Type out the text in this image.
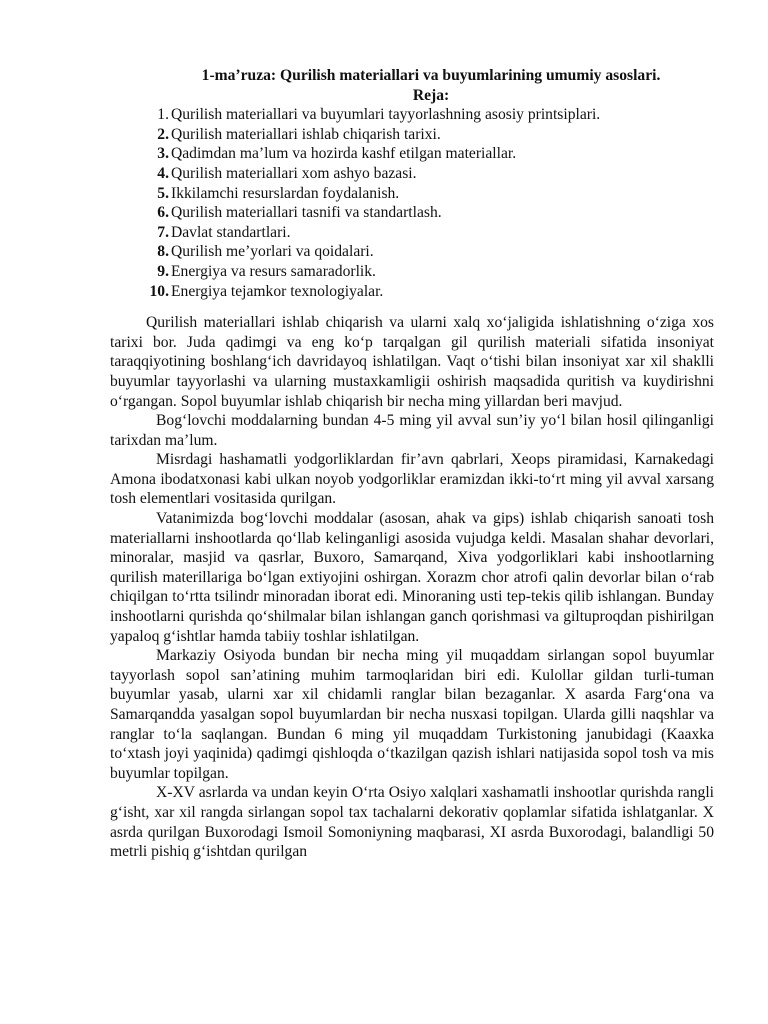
1-ma’ruza: Qurilish materiallari va buyumlarining umumiy asoslari.

Reja:

1. Qurilish materiallari va buyumlari tayyorlashning asosiy printsiplari.
2. Qurilish materiallari ishlab chiqarish tarixi.
3. Qadimdan ma’lum va hozirda kashf etilgan materiallar.
4. Qurilish materiallari xom ashyo bazasi.
5. Ikkilamchi resurslardan foydalanish.
6. Qurilish materiallari tasnifi va standartlash.
7. Davlat standartlari.
8. Qurilish me’yorlari va qoidalari.
9. Energiya va resurs samaradorlik.
10. Energiya tejamkor texnologiyalar.

Qurilish materiallari ishlab chiqarish va ularni xalq xo‘jaligida ishlatishning o‘ziga xos tarixi bor. Juda qadimgi va eng ko‘p tarqalgan gil qurilish materiali sifatida insoniyat taraqqiyotining boshlang‘ich davridayoq ishlatilgan. Vaqt o‘tishi bilan insoniyat xar xil shaklli buyumlar tayyorlashi va ularning mustaxkamligii oshirish maqsadida quritish va kuydirishni o‘rgangan. Sopol buyumlar ishlab chiqarish bir necha ming yillardan beri mavjud.

Bog‘lovchi moddalarning bundan 4-5 ming yil avval sun’iy yo‘l bilan hosil qilinganligi tarixdan ma’lum.

Misrdagi hashamatli yodgorliklardan fir’avn qabrlari, Xeops piramidasi, Karnakedagi Amona ibodatxonasi kabi ulkan noyob yodgorliklar eramizdan ikki-to‘rt ming yil avval xarsang tosh elementlari vositasida qurilgan.

Vatanimizda bog‘lovchi moddalar (asosan, ahak va gips) ishlab chiqarish sanoati tosh materiallarni inshootlarda qo‘llab kelinganligi asosida vujudga keldi. Masalan shahar devorlari, minoralar, masjid va qasrlar, Buxoro, Samarqand, Xiva yodgorliklari kabi inshootlarning qurilish materillariga bo‘lgan extiyojini oshirgan. Xorazm chor atrofi qalin devorlar bilan o‘rab chiqilgan to‘rtta tsilindr minoradan iborat edi. Minoraning usti tep-tekis qilib ishlangan. Bunday inshootlarni qurishda qo‘shilmalar bilan ishlangan ganch qorishmasi va giltuproqdan pishirilgan yapaloq g‘ishtlar hamda tabiiy toshlar ishlatilgan.

Markaziy Osiyoda bundan bir necha ming yil muqaddam sirlangan sopol buyumlar tayyorlash sopol san’atining muhim tarmoqlaridan biri edi. Kulollar gildan turli-tuman buyumlar yasab, ularni xar xil chidamli ranglar bilan bezaganlar. X asarda Farg‘ona va Samarqandda yasalgan sopol buyumlardan bir necha nusxasi topilgan. Ularda gilli naqshlar va ranglar to‘la saqlangan. Bundan 6 ming yil muqaddam Turkistoning janubidagi (Kaaxka to‘xtash joyi yaqinida) qadimgi qishloqda o‘tkazilgan qazish ishlari natijasida sopol tosh va mis buyumlar topilgan.

X-XV asrlarda va undan keyin O‘rta Osiyo xalqlari xashamatli inshootlar qurishda rangli g‘isht, xar xil rangda sirlangan sopol tax tachalarni dekorativ qoplamlar sifatida ishlatganlar. X asrda qurilgan Buxorodagi Ismoil Somoniyning maqbarasi, XI asrda Buxorodagi, balandligi 50 metrli pishiq g‘ishtdan qurilgan
